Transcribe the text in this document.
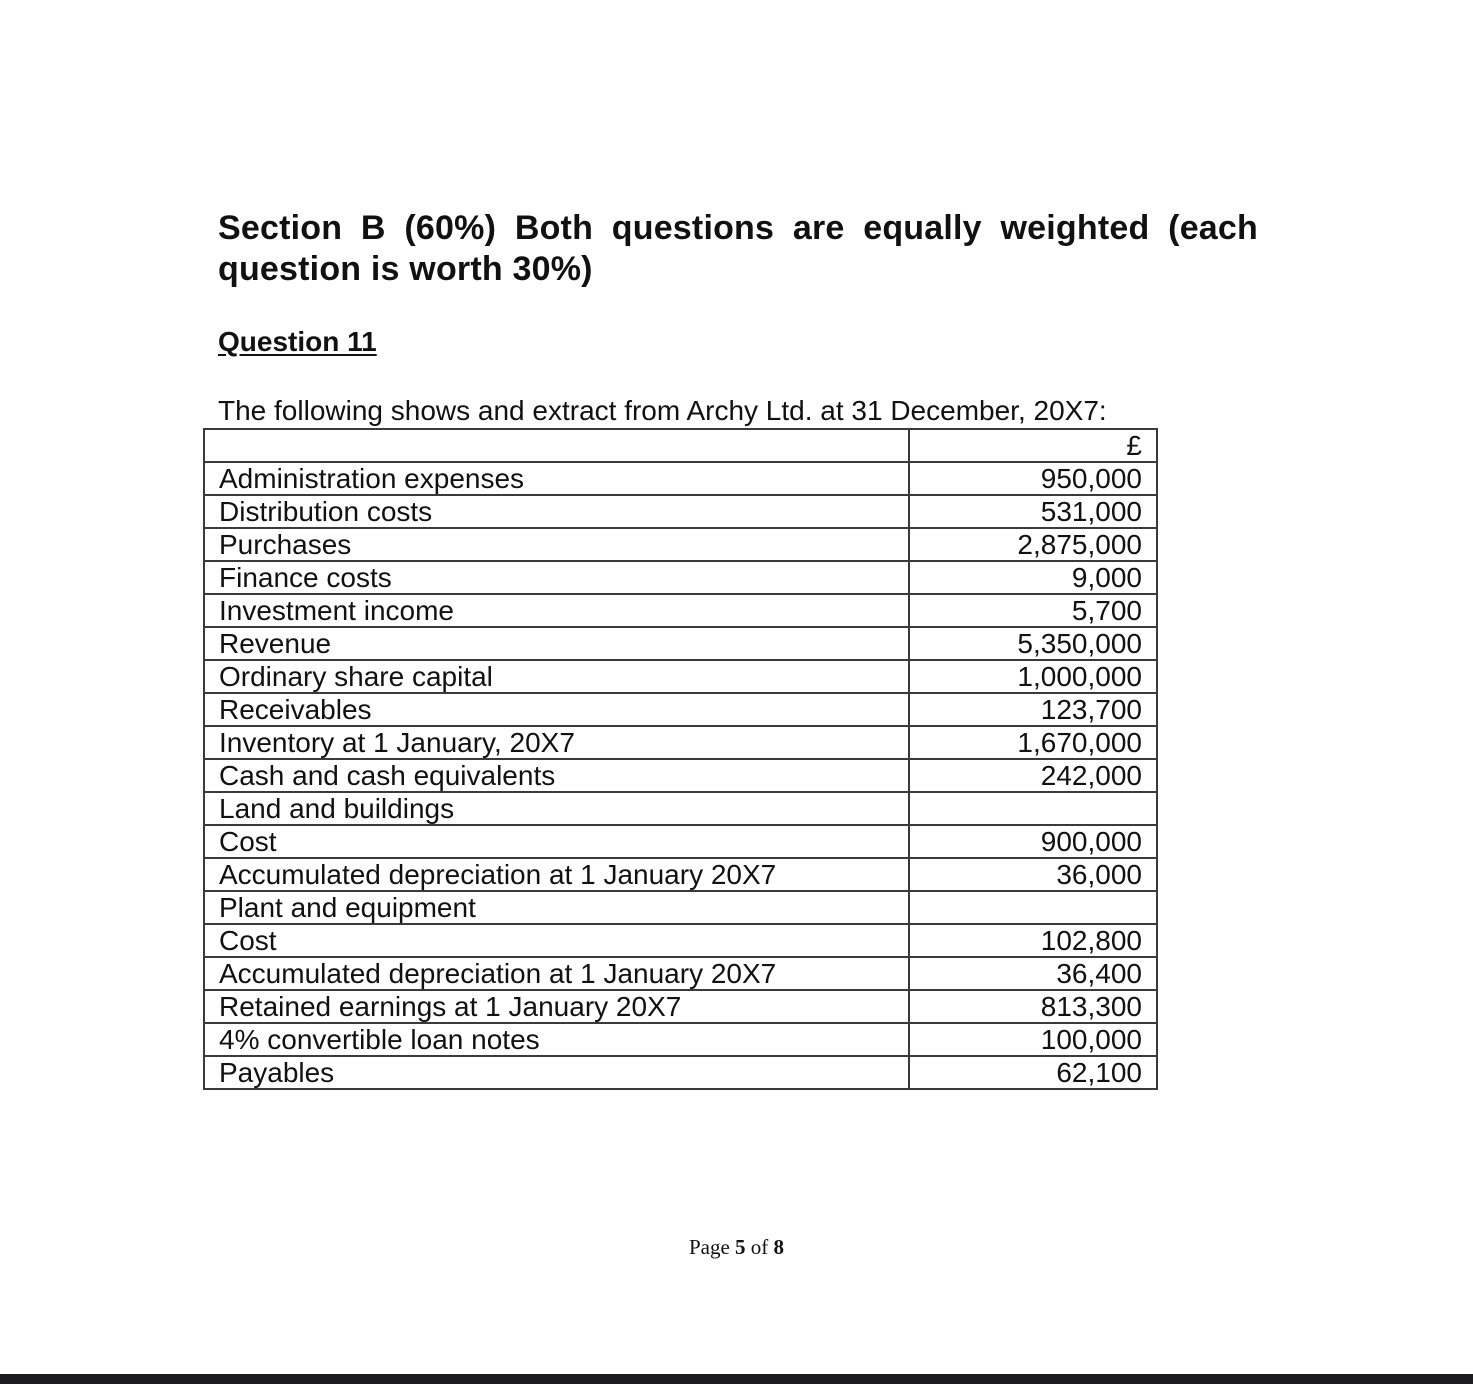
Section B (60%) Both questions are equally weighted (each question is worth 30%)
Question 11
The following shows and extract from Archy Ltd. at 31 December, 20X7:
	£
Administration expenses	950,000
Distribution costs	531,000
Purchases	2,875,000
Finance costs	9,000
Investment income	5,700
Revenue	5,350,000
Ordinary share capital	1,000,000
Receivables	123,700
Inventory at 1 January, 20X7	1,670,000
Cash and cash equivalents	242,000
Land and buildings	
Cost	900,000
Accumulated depreciation at 1 January 20X7	36,000
Plant and equipment	
Cost	102,800
Accumulated depreciation at 1 January 20X7	36,400
Retained earnings at 1 January 20X7	813,300
4% convertible loan notes	100,000
Payables	62,100
Page 5 of 8
